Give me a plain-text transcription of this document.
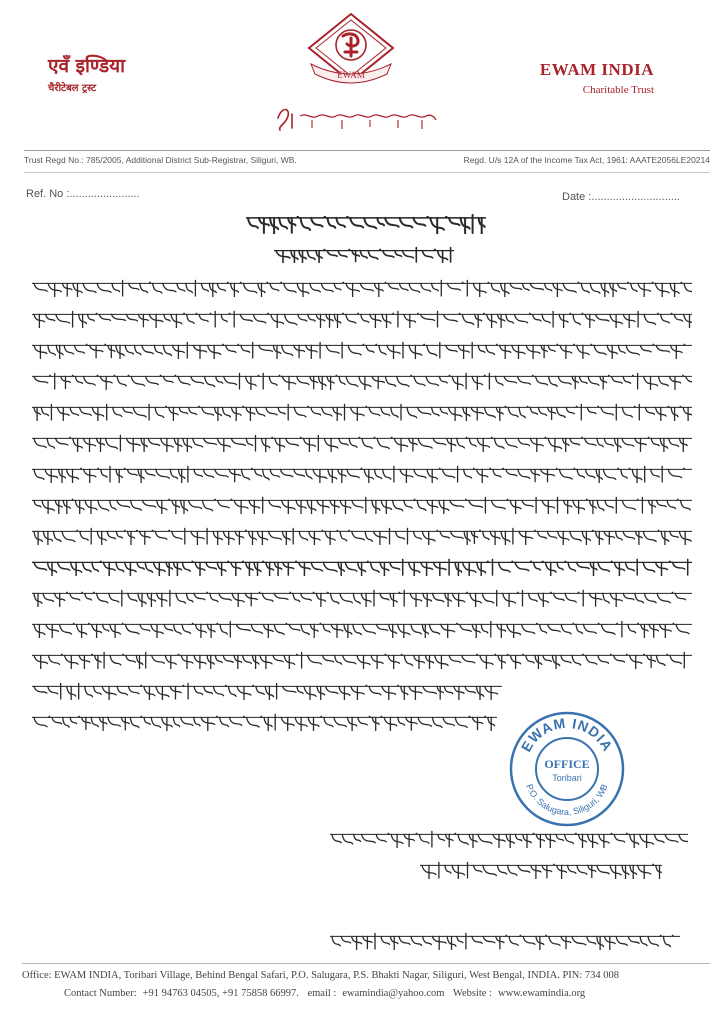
एवँ इण्डिया
चैरीटेबल ट्रस्ट
EWAM INDIA
Charitable Trust
EWAM
Trust Regd No.: 785/2005, Additional District Sub-Registrar, Siliguri, WB.	Regd. U/s 12A of the Income Tax Act, 1961: AAATE2056LE20214
Ref. No :.......................	Date :.............................
EWAM INDIA
P.O. Salugara, Siliguri, WB
OFFICE
Toribari
Office: EWAM INDIA, Toribari Village, Behind Bengal Safari, P.O. Salugara, P.S. Bhakti Nagar, Siliguri, West Bengal, INDIA. PIN: 734 008
Contact Number: +91 94763 04505, +91 75858 66997. email : ewamindia@yahoo.com Website : www.ewamindia.org
